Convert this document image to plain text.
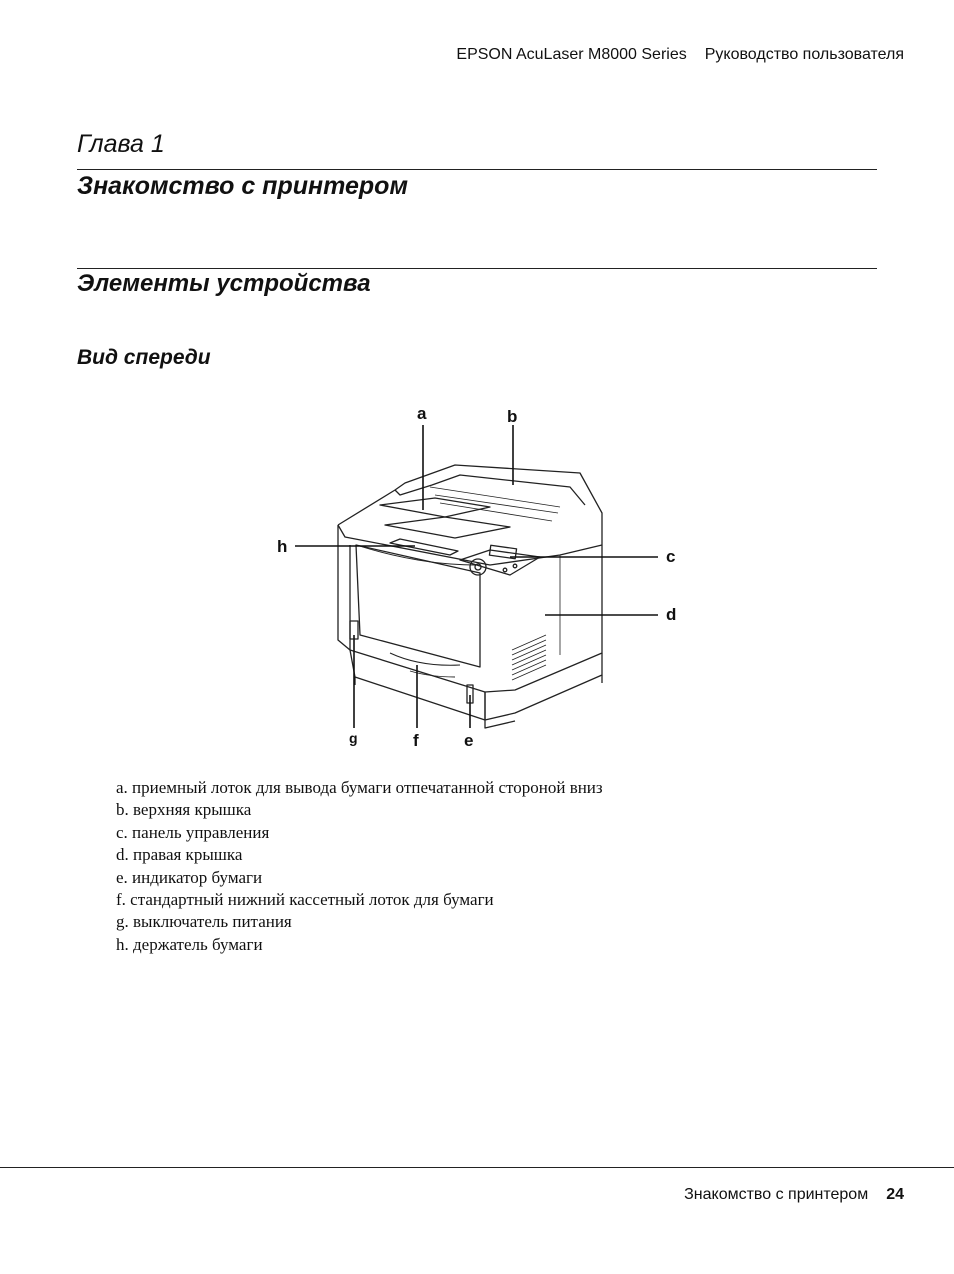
EPSON AcuLaser M8000 Series Руководство пользователя
Глава 1
Знакомство с принтером
Элементы устройства
Вид спереди
a	b
c
d
e
f
g
h
a. приемный лоток для вывода бумаги отпечатанной стороной вниз
b. верхняя крышка
c. панель управления
d. правая крышка
e. индикатор бумаги
f. стандартный нижний кассетный лоток для бумаги
g. выключатель питания
h. держатель бумаги
Знакомство с принтером 24
